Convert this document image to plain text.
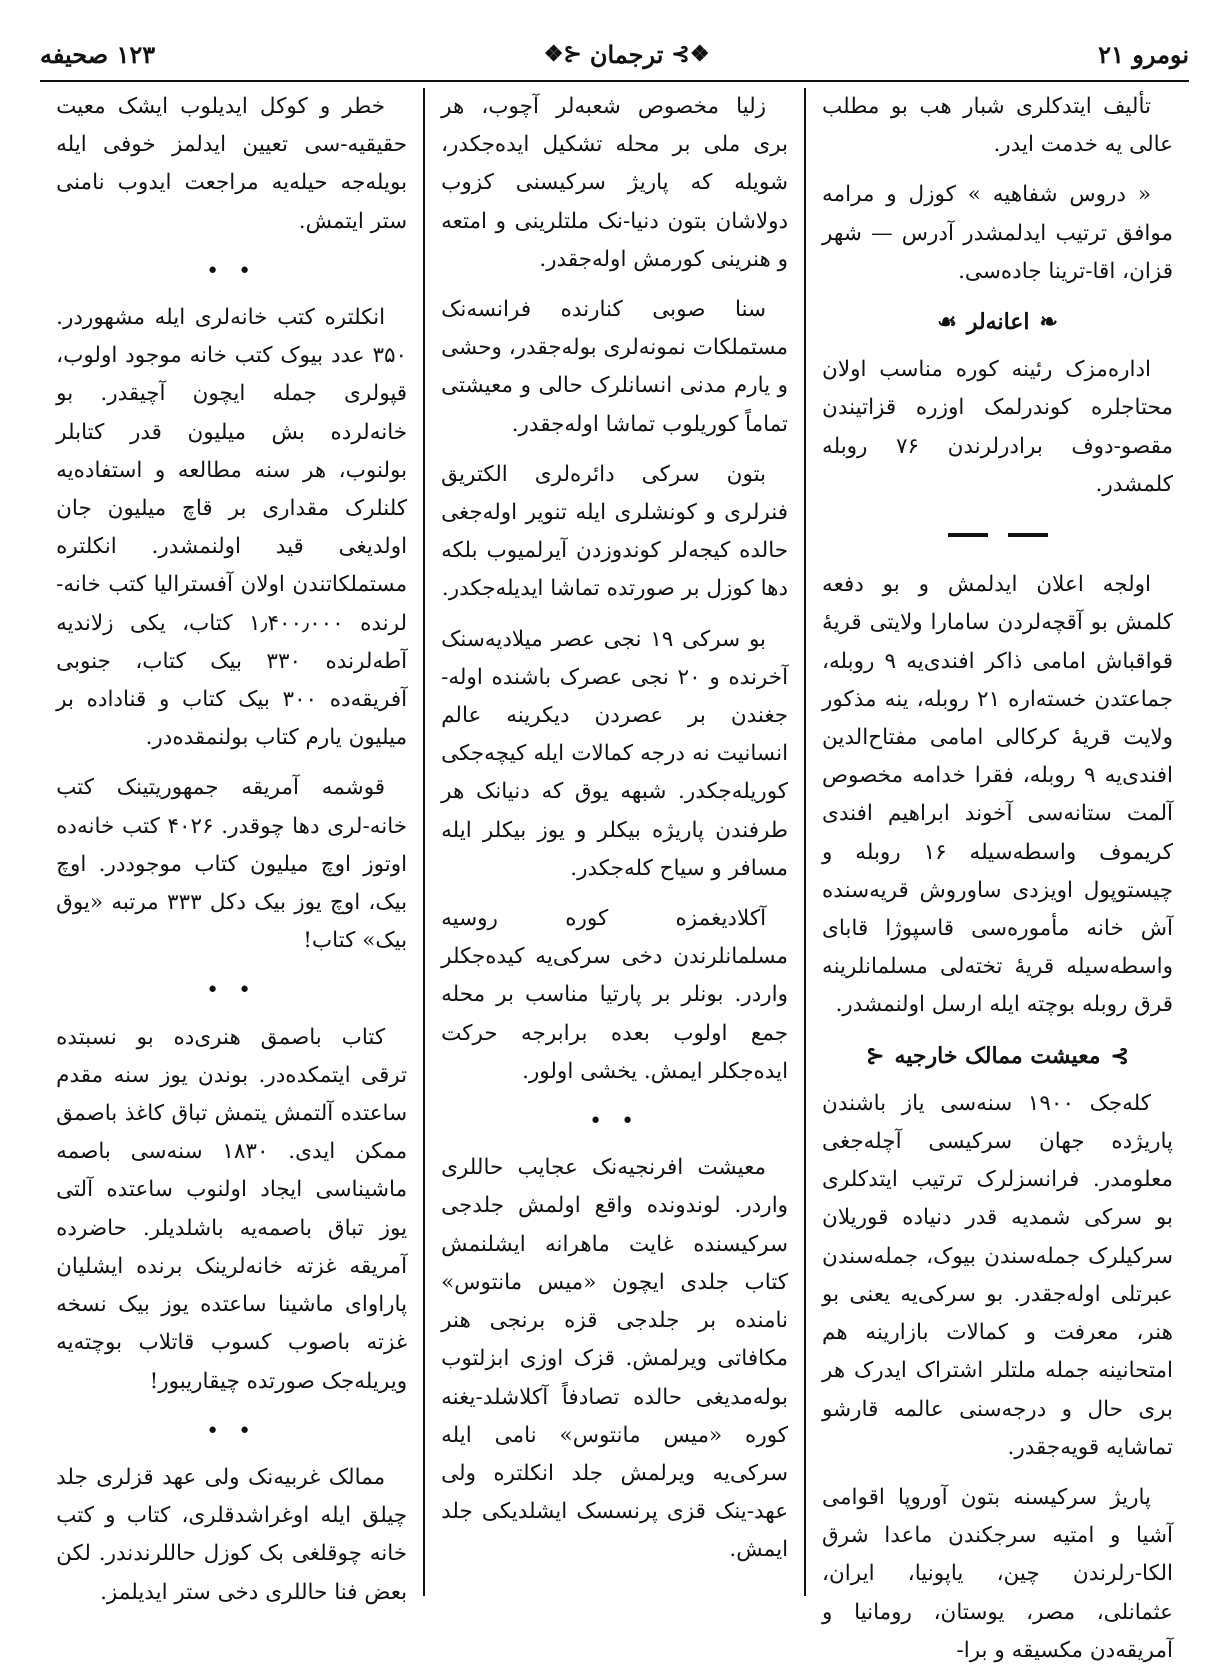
نومرو ۲۱
❖⊱
ترجمان
⊰❖
۱۲۳ صحیفه

تألیف ایتدکلری شبار هب بو مطلب عالی یه خدمت ایدر.

« دروس شفاهیه » کوزل و مرامه موافق ترتیب ایدلمشدر آدرس — شهر قزان، اقا-ترینا جاده‌سی.

❧
اعانه‌لر
☙

اداره‌مزک رئینه کوره مناسب اولان محتاجلره کوندرلمک اوزره قزاتیندن مقصو-دوف برادرلرندن ۷۶ روبله کلمشدر.

اولجه اعلان ایدلمش و بو دفعه کلمش بو آقچه‌لردن سامارا ولایتی قریهٔ قواقباش امامی ذاکر افندی‌یه ۹ روبله، جماعتدن خسته‌اره ۲۱ روبله، ینه مذکور ولایت قریهٔ کرکالی امامی مفتاح‌الدین افندی‌یه ۹ روبله، فقرا خدامه مخصوص آلمت ستانه‌سی آخوند ابراهیم افندی کریموف واسطه‌سیله ۱۶ روبله و چیستوپول اویزدی ساوروش قریه‌سنده آش خانه مأموره‌سی قاسپوژا قابای واسطه‌سیله قریهٔ تخته‌لی مسلمانلرینه قرق روبله بوچته ایله ارسل اولنمشدر.

⊱
معیشت ممالک خارجیه
⊰

کله‌جک ۱۹۰۰ سنه‌سی یاز باشندن پاریژده جهان سرکیسی آچله‌جغی معلومدر. فرانسزلرک ترتیب ایتدکلری بو سرکی شمدیه قدر دنیاده قوریلان سرکیلرک جمله‌سندن بیوک، جمله‌سندن عبرتلی اوله‌جقدر. بو سرکی‌یه یعنی بو هنر، معرفت و کمالات بازارینه هم امتحانینه جمله ملتلر اشتراک ایدرک هر بری حال و درجه‌سنی عالمه قارشو تماشایه قویه‌جقدر.

پاریژ سرکیسنه بتون آوروپا اقوامی آشیا و امتیه سرجکندن ماعدا شرق الکا-رلرندن چین، یاپونیا، ایران، عثمانلی، مصر، یوستان، رومانیا و آمریقه‌دن مکسیقه و برا-

زلیا مخصوص شعبه‌لر آچوب، هر بری ملی بر محله تشکیل ایده‌جکدر، شویله که پاریژ سرکیسنی کزوب دولاشان بتون دنیا-نک ملتلرینی و امتعه و هنرینی کورمش اوله‌جقدر.

سنا صوبی کنارنده فرانسه‌نک مستملکات نمونه‌لری بوله‌جقدر، وحشی و یارم مدنی انسانلرک حالی و معیشتی تماماً کوریلوب تماشا اوله‌جقدر.

بتون سرکی دائره‌لری الکتریق فنرلری و کونشلری ایله تنویر اوله‌جغی حالده کیجه‌لر کوندوزدن آیرلمیوب بلکه دها کوزل بر صورتده تماشا ایدیله‌جکدر.

بو سرکی ۱۹ نجی عصر میلادیه‌سنک آخرنده و ۲۰ نجی عصرک باشنده اوله-جغندن بر عصردن دیکرینه عالم انسانیت نه درجه کمالات ایله کیچه‌جکی کوریله‌جکدر. شبهه یوق که دنیانک هر طرفندن پاریژه بیکلر و یوز بیکلر ایله مسافر و سیاح کله‌جکدر.

آکلادیغمزه کوره روسیه مسلمانلرندن دخی سرکی‌یه کیده‌جکلر واردر. بونلر بر پارتیا مناسب بر محله جمع اولوب بعده برابرجه حرکت ایده‌جکلر ایمش. یخشی اولور.

• •

معیشت افرنجیه‌نک عجایب حاللری واردر. لوندونده واقع اولمش جلدجی سرکیسنده غایت ماهرانه ایشلنمش کتاب جلدی ایچون «میس مانتوس» نامنده بر جلدجی قزه برنجی هنر مکافاتی ویرلمش. قزک اوزی ابزلتوب بوله‌مدیغی حالده تصادفاً آکلاشلد-یغنه کوره «میس مانتوس» نامی ایله سرکی‌یه ویرلمش جلد انکلتره ولی عهد-ینک قزی پرنسسک ایشلدیکی جلد ایمش.

خطر و کوکل ایدیلوب ایشک معیت حقیقیه-سی تعیین ایدلمز خوفی ایله بویله‌جه حیله‌یه مراجعت ایدوب نامنی ستر ایتمش.

• •

انکلتره کتب خانه‌لری ایله مشهوردر. ۳۵۰ عدد بیوک کتب خانه موجود اولوب، قپولری جمله ایچون آچیقدر. بو خانه‌لرده بش میلیون قدر کتابلر بولنوب، هر سنه مطالعه و استفاده‌یه کلنلرک مقداری بر قاچ میلیون جان اولدیغی قید اولنمشدر. انکلتره مستملکاتندن اولان آفستراليا کتب خانه-لرنده ۱٫۴۰۰٫۰۰۰ کتاب، یکی زلاندیه آطه‌لرنده ۳۳۰ بیک کتاب، جنوبی آفریقه‌ده ۳۰۰ بیک کتاب و قنادا‌ده بر میلیون یارم کتاب بولنمقده‌در.

قوشمه آمریقه جمهوریتینک کتب خانه-لری دها چوقدر. ۴۰۲۶ کتب خانه‌ده اوتوز اوچ میلیون کتاب موجوددر. اوچ بیک، اوچ یوز بیک دکل ۳۳۳ مرتبه «یوق بیک» کتاب!

• •

کتاب باصمق هنری‌ده بو نسبتده ترقی ایتمکده‌در. بوندن یوز سنه مقدم ساعتده آلتمش یتمش تباق کاغذ باصمق ممکن ایدی. ۱۸۳۰ سنه‌سی باصمه ماشیناسی ایجاد اولنوب ساعتده آلتی یوز تباق باصمه‌یه باشلدیلر. حاضرده آمریقه غزته خانه‌لرینک برنده ایشلیان پاراوای ماشینا ساعتده یوز بیک نسخه غزته باصوب کسوب قاتلاب بوچته‌یه ویریله‌جک صورتده چیقاریبور!

• •

ممالک غربیه‌نک ولی عهد قزلری جلد چیلق ایله اوغراشدقلری، کتاب و کتب خانه چوقلغی بک کوزل حاللرندندر. لکن بعض فنا حاللری دخی ستر ایدیلمز.
